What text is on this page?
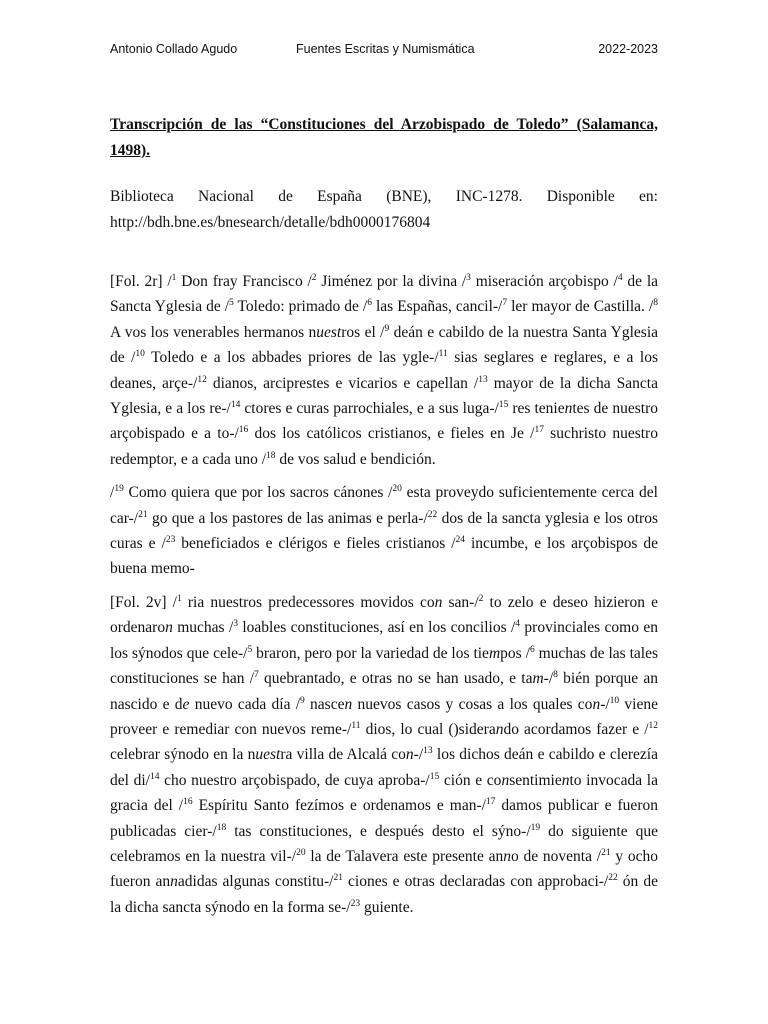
Antonio Collado Agudo	Fuentes Escritas y Numismática	2022-2023

Transcripción de las “Constituciones del Arzobispado de Toledo” (Salamanca, 1498).

Biblioteca Nacional de España (BNE), INC-1278. Disponible en:
http://bdh.bne.es/bnesearch/detalle/bdh0000176804

[Fol. 2r] /$^1$ Don fray Francisco /$^2$ Jiménez por la divina /$^3$ miseración arçobispo /$^4$ de la Sancta Yglesia de /$^5$ Toledo: primado de /$^6$ las Españas, cancil-/$^7$ ler mayor de Castilla. /$^8$ A vos los venerables hermanos nuestros el /$^9$ deán e cabildo de la nuestra Santa Yglesia de /$^{10}$ Toledo e a los abbades priores de las ygle-/$^{11}$ sias seglares e reglares, e a los deanes, arçe-/$^{12}$ dianos, arciprestes e vicarios e capellan /$^{13}$ mayor de la dicha Sancta Yglesia, e a los re-/$^{14}$ ctores e curas parrochiales, e a sus luga-/$^{15}$ res tenientes de nuestro arçobispado e a to-/$^{16}$ dos los católicos cristianos, e fieles en Je /$^{17}$ suchristo nuestro redemptor, e a cada uno /$^{18}$ de vos salud e bendición.

/$^{19}$ Como quiera que por los sacros cánones /$^{20}$ esta proveydo suficientemente cerca del car-/$^{21}$ go que a los pastores de las animas e perla-/$^{22}$ dos de la sancta yglesia e los otros curas e /$^{23}$ beneficiados e clérigos e fieles cristianos /$^{24}$ incumbe, e los arçobispos de buena memo-

[Fol. 2v] /$^1$ ria nuestros predecessores movidos con san-/$^2$ to zelo e deseo hizieron e ordenaron muchas /$^3$ loables constituciones, así en los concilios /$^4$ provinciales como en los sýnodos que cele-/$^5$ braron, pero por la variedad de los tiempos /$^6$ muchas de las tales constituciones se han /$^7$ quebrantado, e otras no se han usado, e tam-/$^8$ bién porque an nascido e de nuevo cada día /$^9$ nascen nuevos casos y cosas a los quales con-/$^{10}$ viene proveer e remediar con nuevos reme-/$^{11}$ dios, lo cual ()siderando acordamos fazer e /$^{12}$ celebrar sýnodo en la nuestra villa de Alcalá con-/$^{13}$ los dichos deán e cabildo e clerezía del di/$^{14}$ cho nuestro arçobispado, de cuya aproba-/$^{15}$ ción e consentimiento invocada la gracia del /$^{16}$ Espíritu Santo fezímos e ordenamos e man-/$^{17}$ damos publicar e fueron publicadas cier-/$^{18}$ tas constituciones, e después desto el sýno-/$^{19}$ do siguiente que celebramos en la nuestra vil-/$^{20}$ la de Talavera este presente anno de noventa /$^{21}$ y ocho fueron annadidas algunas constitu-/$^{21}$ ciones e otras declaradas con approbaci-/$^{22}$ ón de la dicha sancta sýnodo en la forma se-/$^{23}$ guiente.
